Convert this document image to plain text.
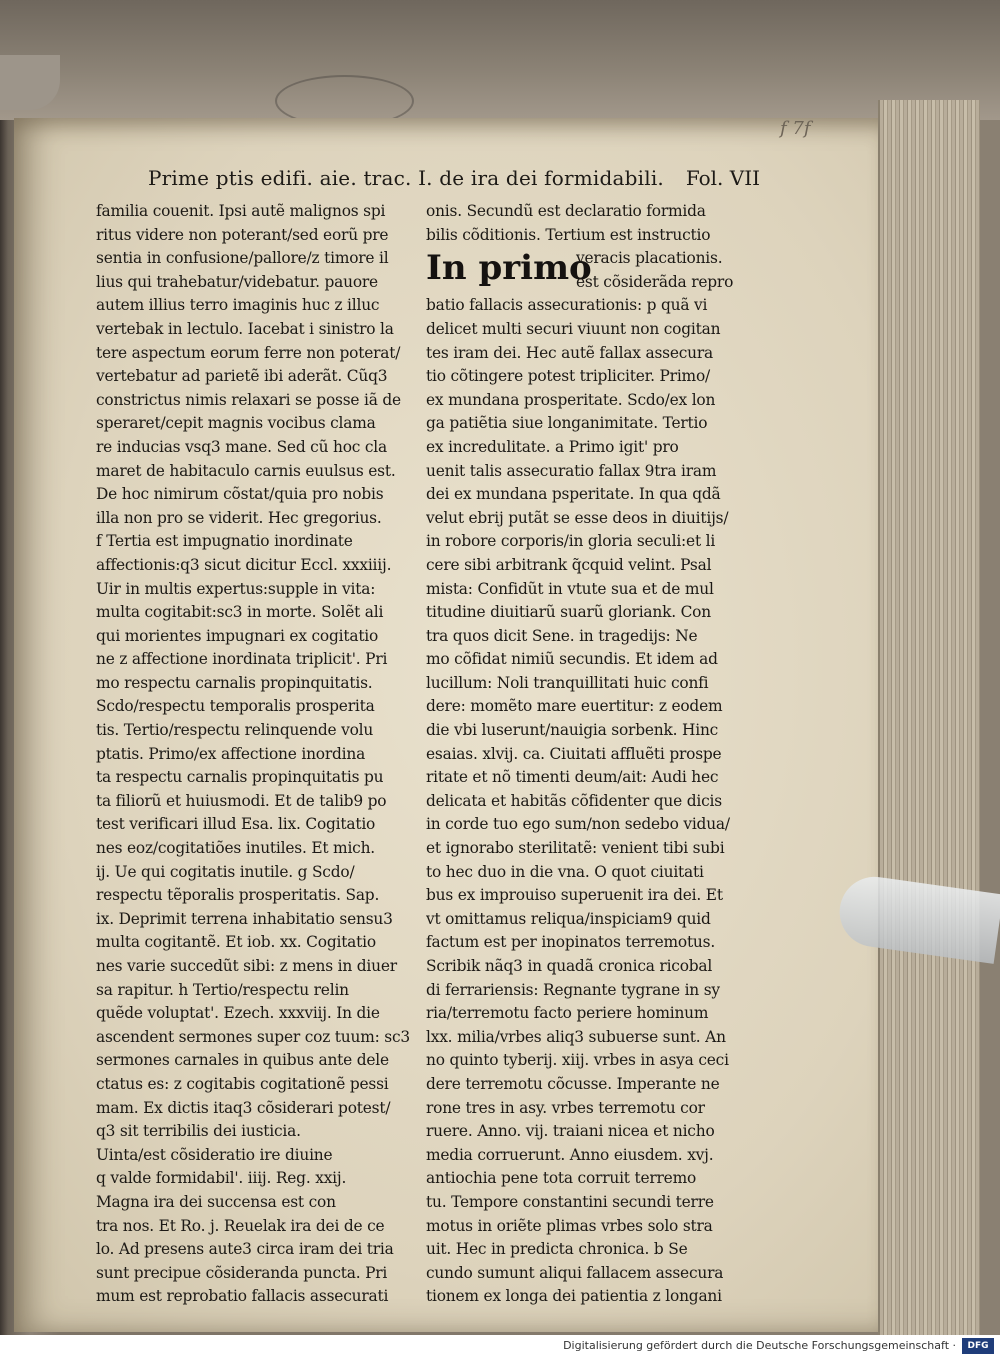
f 7f
Prime ptis edifi. aie. trac. I. de ira dei formidabili. Fol. VII
familia couenit. Ipsi autẽ malignos spi
ritus videre non poterant/sed eorũ pre
sentia in confusione/pallore/z timore il
lius qui trahebatur/videbatur. pauore
autem illius terro imaginis huc z illuc
vertebak in lectulo. Iacebat i sinistro la
tere aspectum eorum ferre non poterat/
vertebatur ad parietẽ ibi aderãt. Cũq3
constrictus nimis relaxari se posse iã de
speraret/cepit magnis vocibus clama
re inducias vsq3 mane. Sed cũ hoc cla
maret de habitaculo carnis euulsus est.
De hoc nimirum cõstat/quia pro nobis
illa non pro se viderit. Hec gregorius.
f Tertia est impugnatio inordinate
affectionis:q3 sicut dicitur Eccl. xxxiiij.
Uir in multis expertus:supple in vita:
multa cogitabit:sc3 in morte. Solẽt ali
qui morientes impugnari ex cogitatio
ne z affectione inordinata triplicit'. Pri
mo respectu carnalis propinquitatis.
Scdo/respectu temporalis prosperita
tis. Tertio/respectu relinquende volu
ptatis. Primo/ex affectione inordina
ta respectu carnalis propinquitatis pu
ta filiorũ et huiusmodi. Et de talib9 po
test verificari illud Esa. lix. Cogitatio
nes eoz/cogitatiões inutiles. Et mich.
ij. Ue qui cogitatis inutile. g Scdo/
respectu tẽporalis prosperitatis. Sap.
ix. Deprimit terrena inhabitatio sensu3
multa cogitantẽ. Et iob. xx. Cogitatio
nes varie succedũt sibi: z mens in diuer
sa rapitur. h Tertio/respectu relin
quẽde voluptat'. Ezech. xxxviij. In die
ascendent sermones super coz tuum: sc3
sermones carnales in quibus ante dele
ctatus es: z cogitabis cogitationẽ pessi
mam. Ex dictis itaq3 cõsiderari potest/
q3 sit terribilis dei iusticia.
Uinta/est cõsideratio ire diuine
q valde formidabil'. iiij. Reg. xxij.
Magna ira dei succensa est con
tra nos. Et Ro. j. Reuelak ira dei de ce
lo. Ad presens aute3 circa iram dei tria
sunt precipue cõsideranda puncta. Pri
mum est reprobatio fallacis assecurati
In primo
onis. Secundũ est declaratio formida
bilis cõditionis. Tertium est instructio
veracis placationis.
est cõsiderãda repro
batio fallacis assecurationis: p quã vi
delicet multi securi viuunt non cogitan
tes iram dei. Hec autẽ fallax assecura
tio cõtingere potest tripliciter. Primo/
ex mundana prosperitate. Scdo/ex lon
ga patiẽtia siue longanimitate. Tertio
ex incredulitate. a Primo igit' pro
uenit talis assecuratio fallax 9tra iram
dei ex mundana psperitate. In qua qdã
velut ebrij putãt se esse deos in diuitijs/
in robore corporis/in gloria seculi:et li
cere sibi arbitrank q̃cquid velint. Psal
mista: Confidũt in vtute sua et de mul
titudine diuitiarũ suarũ gloriank. Con
tra quos dicit Sene. in tragedijs: Ne
mo cõfidat nimiũ secundis. Et idem ad
lucillum: Noli tranquillitati huic confi
dere: momẽto mare euertitur: z eodem
die vbi luserunt/nauigia sorbenk. Hinc
esaias. xlvij. ca. Ciuitati affluẽti prospe
ritate et nõ timenti deum/ait: Audi hec
delicata et habitãs cõfidenter que dicis
in corde tuo ego sum/non sedebo vidua/
et ignorabo sterilitatẽ: venient tibi subi
to hec duo in die vna. O quot ciuitati
bus ex improuiso superuenit ira dei. Et
vt omittamus reliqua/inspiciam9 quid
factum est per inopinatos terremotus.
Scribik nãq3 in quadã cronica ricobal
di ferrariensis: Regnante tygrane in sy
ria/terremotu facto periere hominum
lxx. milia/vrbes aliq3 subuerse sunt. An
no quinto tyberij. xiij. vrbes in asya ceci
dere terremotu cõcusse. Imperante ne
rone tres in asy. vrbes terremotu cor
ruere. Anno. vij. traiani nicea et nicho
media corruerunt. Anno eiusdem. xvj.
antiochia pene tota corruit terremo
tu. Tempore constantini secundi terre
motus in oriẽte plimas vrbes solo stra
uit. Hec in predicta chronica. b Se
cundo sumunt aliqui fallacem assecura
tionem ex longa dei patientia z longani
Digitalisierung gefördert durch die Deutsche Forschungsgemeinschaft ·	DFG
